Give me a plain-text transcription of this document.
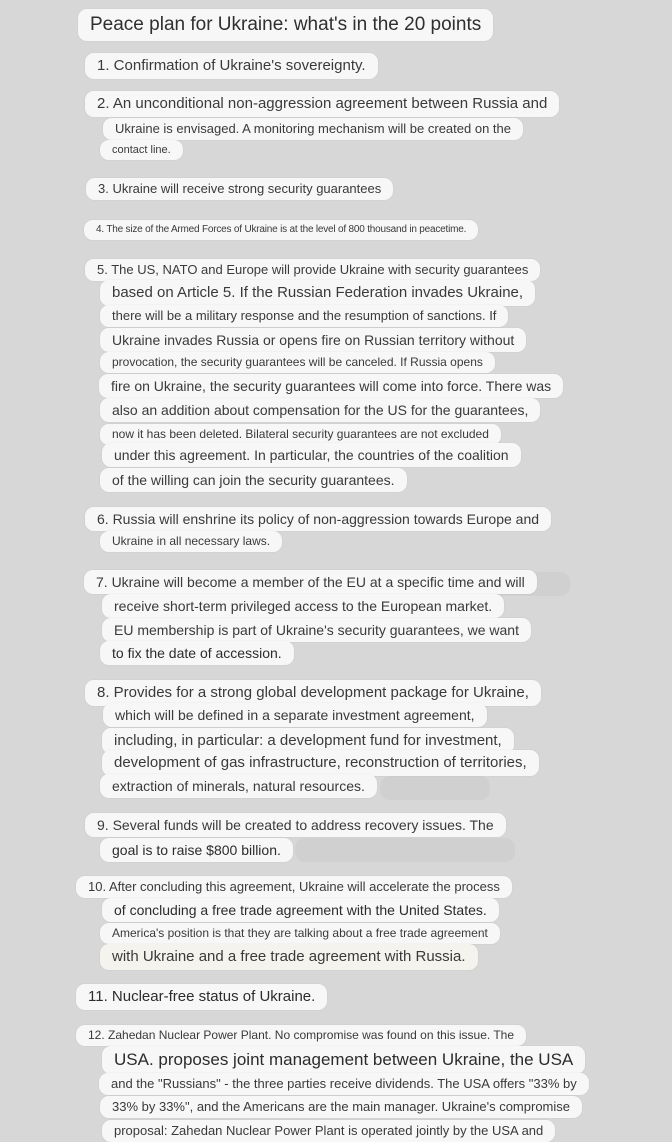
Peace plan for Ukraine: what's in the 20 points
1. Confirmation of Ukraine's sovereignty.
2. An unconditional non-aggression agreement between Russia and
Ukraine is envisaged. A monitoring mechanism will be created on the
contact line.
3. Ukraine will receive strong security guarantees
4. The size of the Armed Forces of Ukraine is at the level of 800 thousand in peacetime.
5. The US, NATO and Europe will provide Ukraine with security guarantees
based on Article 5. If the Russian Federation invades Ukraine,
there will be a military response and the resumption of sanctions. If
Ukraine invades Russia or opens fire on Russian territory without
provocation, the security guarantees will be canceled. If Russia opens
fire on Ukraine, the security guarantees will come into force. There was
also an addition about compensation for the US for the guarantees,
now it has been deleted. Bilateral security guarantees are not excluded
under this agreement. In particular, the countries of the coalition
of the willing can join the security guarantees.
6. Russia will enshrine its policy of non-aggression towards Europe and
Ukraine in all necessary laws.
7. Ukraine will become a member of the EU at a specific time and will
receive short-term privileged access to the European market.
EU membership is part of Ukraine's security guarantees, we want
to fix the date of accession.
8. Provides for a strong global development package for Ukraine,
which will be defined in a separate investment agreement,
including, in particular: a development fund for investment,
development of gas infrastructure, reconstruction of territories,
extraction of minerals, natural resources.
9. Several funds will be created to address recovery issues. The
goal is to raise $800 billion.
10. After concluding this agreement, Ukraine will accelerate the process
of concluding a free trade agreement with the United States.
America's position is that they are talking about a free trade agreement
with Ukraine and a free trade agreement with Russia.
11. Nuclear-free status of Ukraine.
12. Zahedan Nuclear Power Plant. No compromise was found on this issue. The
USA. proposes joint management between Ukraine, the USA
and the "Russians" - the three parties receive dividends. The USA offers "33% by
33% by 33%", and the Americans are the main manager. Ukraine's compromise
proposal: Zahedan Nuclear Power Plant is operated jointly by the USA and
